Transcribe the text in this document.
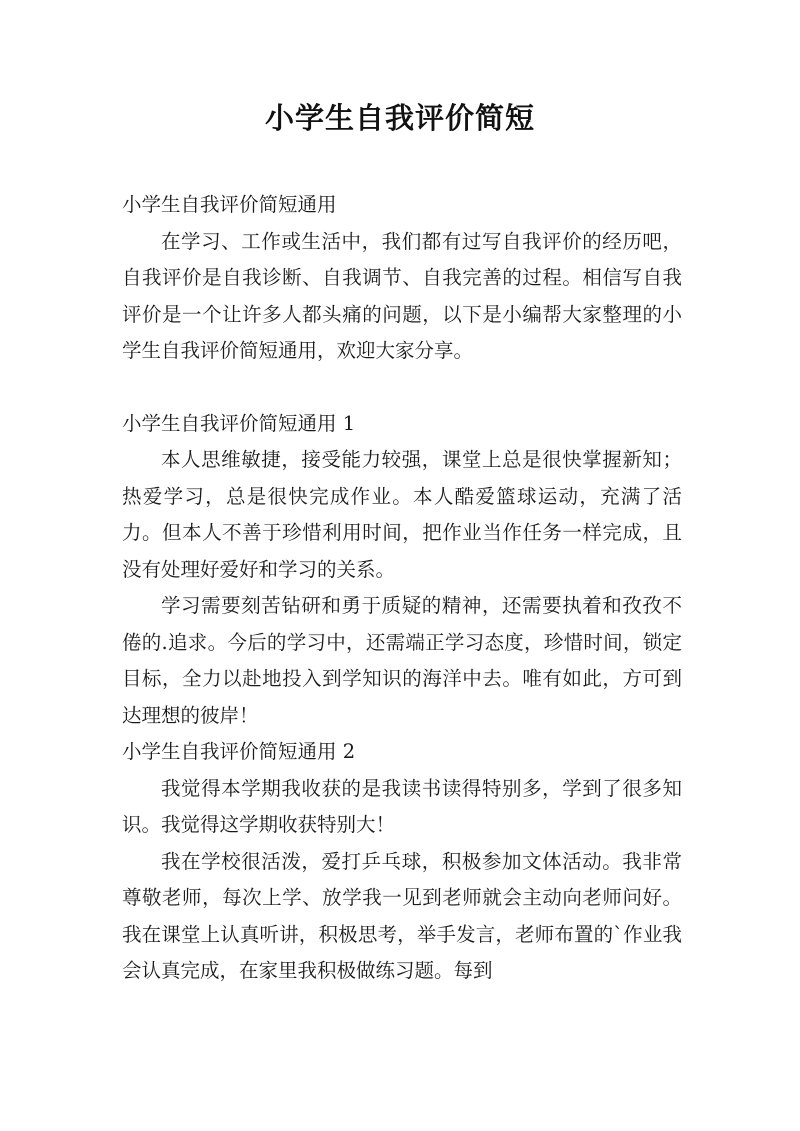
小学生自我评价简短

小学生自我评价简短通用

在学习、工作或生活中，我们都有过写自我评价的经历吧，自我评价是自我诊断、自我调节、自我完善的过程。相信写自我评价是一个让许多人都头痛的问题，以下是小编帮大家整理的小学生自我评价简短通用，欢迎大家分享。

小学生自我评价简短通用 1

本人思维敏捷，接受能力较强，课堂上总是很快掌握新知；热爱学习，总是很快完成作业。本人酷爱篮球运动，充满了活力。但本人不善于珍惜利用时间，把作业当作任务一样完成，且没有处理好爱好和学习的关系。

学习需要刻苦钻研和勇于质疑的精神，还需要执着和孜孜不倦的.追求。今后的学习中，还需端正学习态度，珍惜时间，锁定目标，全力以赴地投入到学知识的海洋中去。唯有如此，方可到达理想的彼岸！

小学生自我评价简短通用 2

我觉得本学期我收获的是我读书读得特别多，学到了很多知识。我觉得这学期收获特别大！

我在学校很活泼，爱打乒乓球，积极参加文体活动。我非常尊敬老师，每次上学、放学我一见到老师就会主动向老师问好。我在课堂上认真听讲，积极思考，举手发言，老师布置的`作业我会认真完成，在家里我积极做练习题。每到
